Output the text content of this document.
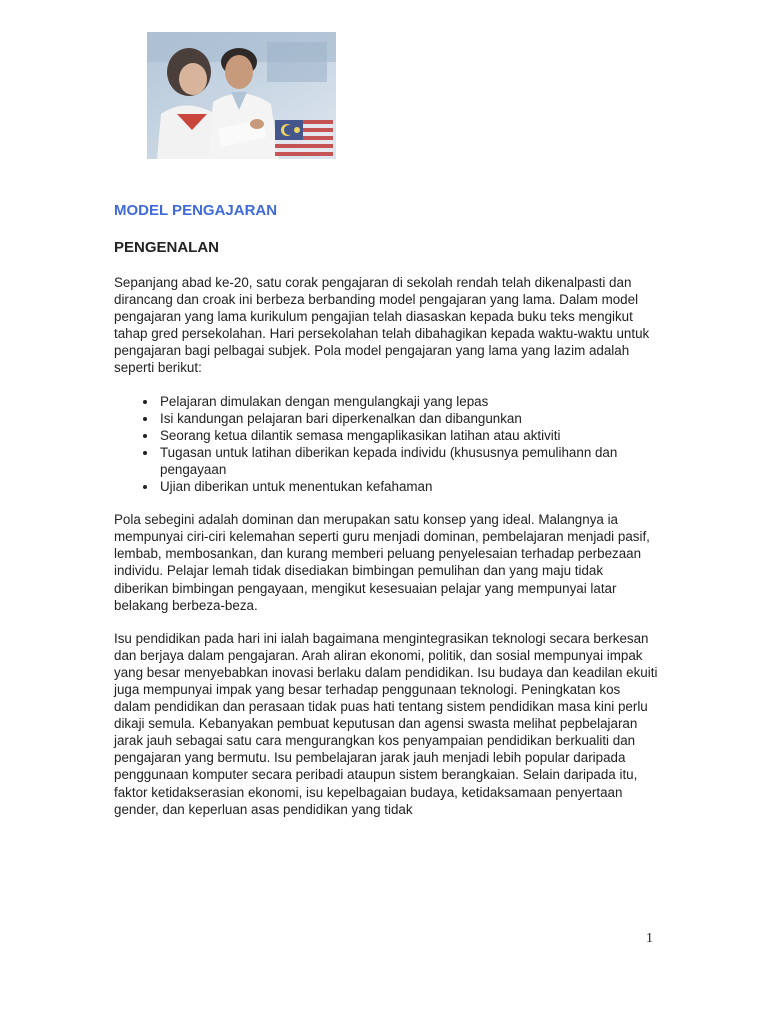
MODEL PENGAJARAN
PENGENALAN

Sepanjang abad ke-20, satu corak pengajaran di sekolah rendah telah dikenalpasti dan dirancang dan croak ini berbeza berbanding model pengajaran yang lama. Dalam model pengajaran yang lama kurikulum pengajian telah diasaskan kepada buku teks mengikut tahap gred persekolahan. Hari persekolahan telah dibahagikan kepada waktu-waktu untuk pengajaran bagi pelbagai subjek. Pola model pengajaran yang lama yang lazim adalah seperti berikut:

• Pelajaran dimulakan dengan mengulangkaji yang lepas
• Isi kandungan pelajaran bari diperkenalkan dan dibangunkan
• Seorang ketua dilantik semasa mengaplikasikan latihan atau aktiviti
• Tugasan untuk latihan diberikan kepada individu (khususnya pemulihann dan pengayaan
• Ujian diberikan untuk menentukan kefahaman

Pola sebegini adalah dominan dan merupakan satu konsep yang ideal. Malangnya ia mempunyai ciri-ciri kelemahan seperti guru menjadi dominan, pembelajaran menjadi pasif, lembab, membosankan, dan kurang memberi peluang penyelesaian terhadap perbezaan individu. Pelajar lemah tidak disediakan bimbingan pemulihan dan yang maju tidak diberikan bimbingan pengayaan, mengikut kesesuaian pelajar yang mempunyai latar belakang berbeza-beza.

Isu pendidikan pada hari ini ialah bagaimana mengintegrasikan teknologi secara berkesan dan berjaya dalam pengajaran. Arah aliran ekonomi, politik, dan sosial mempunyai impak yang besar menyebabkan inovasi berlaku dalam pendidikan. Isu budaya dan keadilan ekuiti juga mempunyai impak yang besar terhadap penggunaan teknologi. Peningkatan kos dalam pendidikan dan perasaan tidak puas hati tentang sistem pendidikan masa kini perlu dikaji semula. Kebanyakan pembuat keputusan dan agensi swasta melihat pepbelajaran jarak jauh sebagai satu cara mengurangkan kos penyampaian pendidikan berkualiti dan pengajaran yang bermutu. Isu pembelajaran jarak jauh menjadi lebih popular daripada penggunaan komputer secara peribadi ataupun sistem berangkaian. Selain daripada itu, faktor ketidakserasian ekonomi, isu kepelbagaian budaya, ketidaksamaan penyertaan gender, dan keperluan asas pendidikan yang tidak

1
